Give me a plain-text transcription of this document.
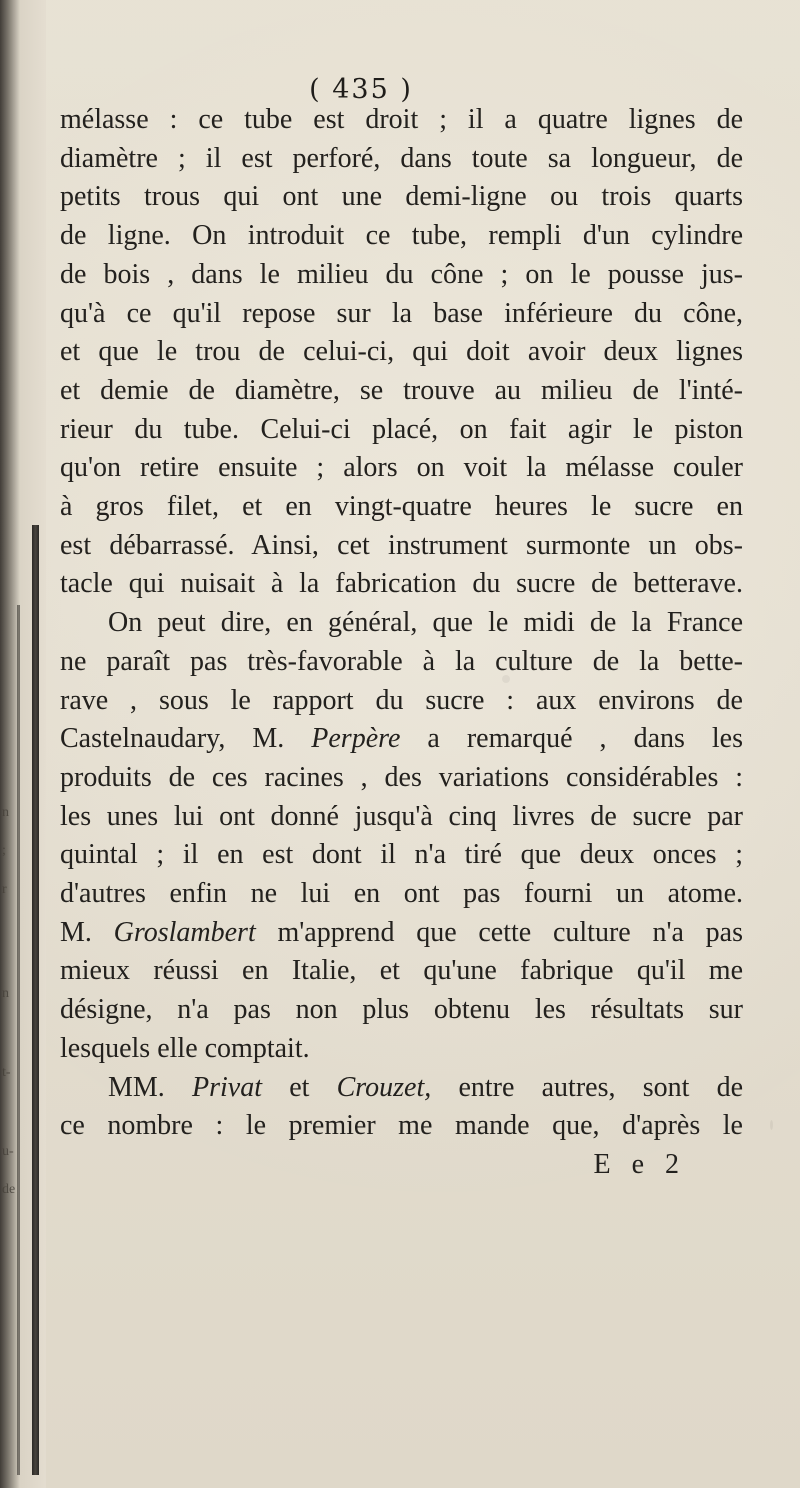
n
;
r
n
t-
u-
de
( 435 )
mélasse : ce tube est droit ; il a quatre lignes de
diamètre ; il est perforé, dans toute sa longueur, de
petits trous qui ont une demi-ligne ou trois quarts
de ligne. On introduit ce tube, rempli d'un cylindre
de bois , dans le milieu du cône ; on le pousse jus-
qu'à ce qu'il repose sur la base inférieure du cône,
et que le trou de celui-ci, qui doit avoir deux lignes
et demie de diamètre, se trouve au milieu de l'inté-
rieur du tube. Celui-ci placé, on fait agir le piston
qu'on retire ensuite ; alors on voit la mélasse couler
à gros filet, et en vingt-quatre heures le sucre en
est débarrassé. Ainsi, cet instrument surmonte un obs-
tacle qui nuisait à la fabrication du sucre de betterave.
On peut dire, en général, que le midi de la France
ne paraît pas très-favorable à la culture de la bette-
rave , sous le rapport du sucre : aux environs de
Castelnaudary, M. Perpère a remarqué , dans les
produits de ces racines , des variations considérables :
les unes lui ont donné jusqu'à cinq livres de sucre par
quintal ; il en est dont il n'a tiré que deux onces ;
d'autres enfin ne lui en ont pas fourni un atome.
M. Groslambert m'apprend que cette culture n'a pas
mieux réussi en Italie, et qu'une fabrique qu'il me
désigne, n'a pas non plus obtenu les résultats sur
lesquels elle comptait.
MM. Privat et Crouzet, entre autres, sont de
ce nombre : le premier me mande que, d'après le
E e 2
